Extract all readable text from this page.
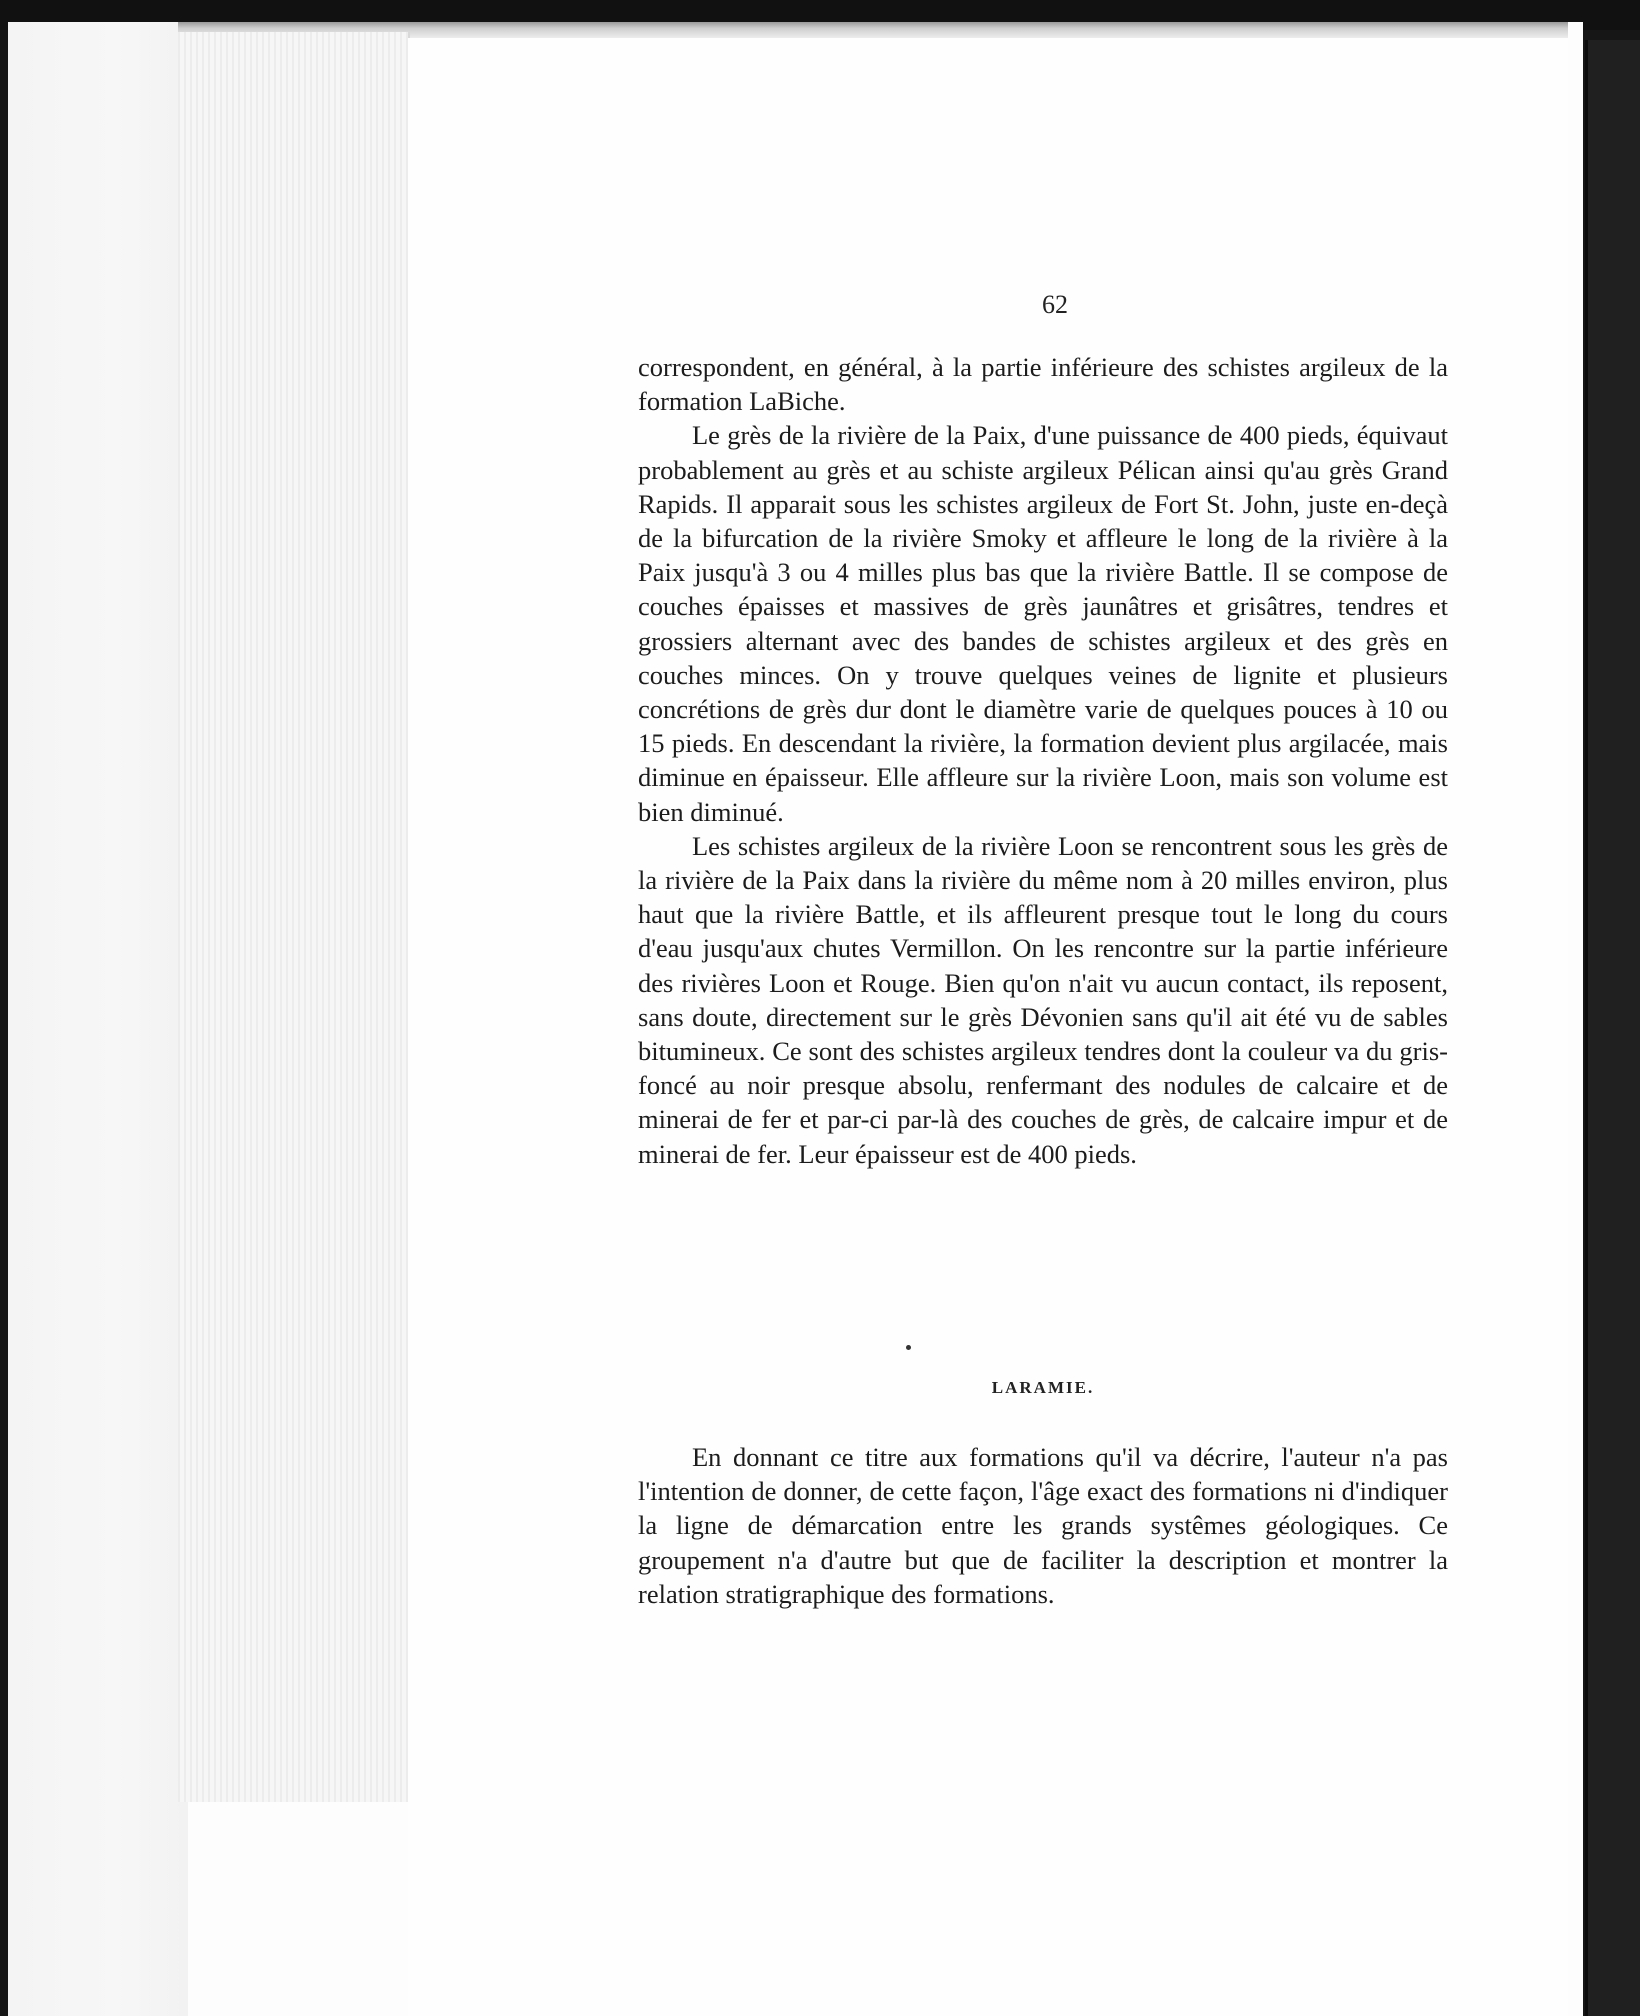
62

correspondent, en général, à la partie inférieure des schistes argileux de la formation LaBiche.

Le grès de la rivière de la Paix, d'une puissance de 400 pieds, équivaut probablement au grès et au schiste argileux Pélican ainsi qu'au grès Grand Rapids. Il apparait sous les schistes argileux de Fort St. John, juste en-deçà de la bifurcation de la rivière Smoky et affleure le long de la rivière à la Paix jusqu'à 3 ou 4 milles plus bas que la rivière Battle. Il se compose de couches épaisses et massives de grès jaunâtres et grisâtres, tendres et grossiers alternant avec des bandes de schistes argileux et des grès en couches minces. On y trouve quelques veines de lignite et plusieurs concrétions de grès dur dont le diamètre varie de quelques pouces à 10 ou 15 pieds. En descendant la rivière, la formation devient plus argilacée, mais diminue en épaisseur. Elle affleure sur la rivière Loon, mais son volume est bien diminué.

Les schistes argileux de la rivière Loon se rencontrent sous les grès de la rivière de la Paix dans la rivière du même nom à 20 milles environ, plus haut que la rivière Battle, et ils affleurent presque tout le long du cours d'eau jusqu'aux chutes Vermillon. On les rencontre sur la partie inférieure des rivières Loon et Rouge. Bien qu'on n'ait vu aucun contact, ils reposent, sans doute, directement sur le grès Dévonien sans qu'il ait été vu de sables bitumineux. Ce sont des schistes argileux tendres dont la couleur va du gris-foncé au noir presque absolu, renfermant des nodules de calcaire et de minerai de fer et par-ci par-là des couches de grès, de calcaire impur et de minerai de fer. Leur épaisseur est de 400 pieds.

LARAMIE.

En donnant ce titre aux formations qu'il va décrire, l'auteur n'a pas l'intention de donner, de cette façon, l'âge exact des formations ni d'indiquer la ligne de démarcation entre les grands systêmes géologiques. Ce groupement n'a d'autre but que de faciliter la description et montrer la relation stratigraphique des formations.
